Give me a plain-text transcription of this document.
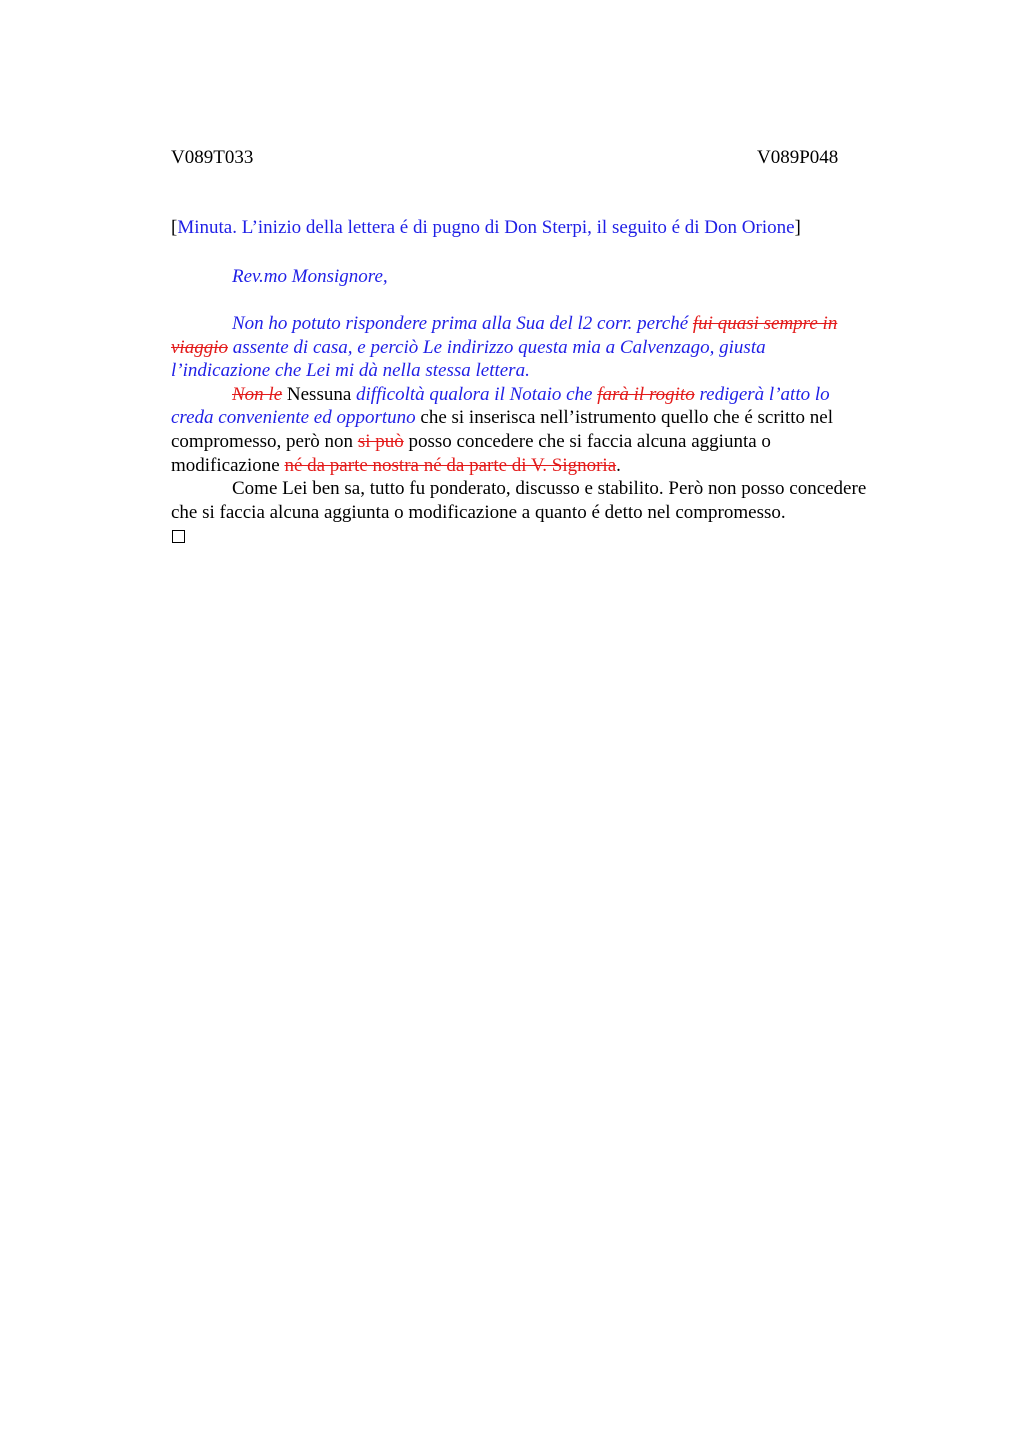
V089T033	V089P048
[Minuta. L’inizio della lettera é di pugno di Don Sterpi, il seguito é di Don Orione]
Rev.mo Monsignore,
Non ho potuto rispondere prima alla Sua del l2 corr. perché fui quasi sempre in
viaggio assente di casa, e perciò Le indirizzo questa mia a Calvenzago, giusta
l’indicazione che Lei mi dà nella stessa lettera.
Non le Nessuna difficoltà qualora il Notaio che farà il rogito redigerà l’atto lo
creda conveniente ed opportuno che si inserisca nell’istrumento quello che é scritto nel
compromesso, però non si può posso concedere che si faccia alcuna aggiunta o
modificazione né da parte nostra né da parte di V. Signoria.
Come Lei ben sa, tutto fu ponderato, discusso e stabilito. Però non posso concedere
che si faccia alcuna aggiunta o modificazione a quanto é detto nel compromesso.
